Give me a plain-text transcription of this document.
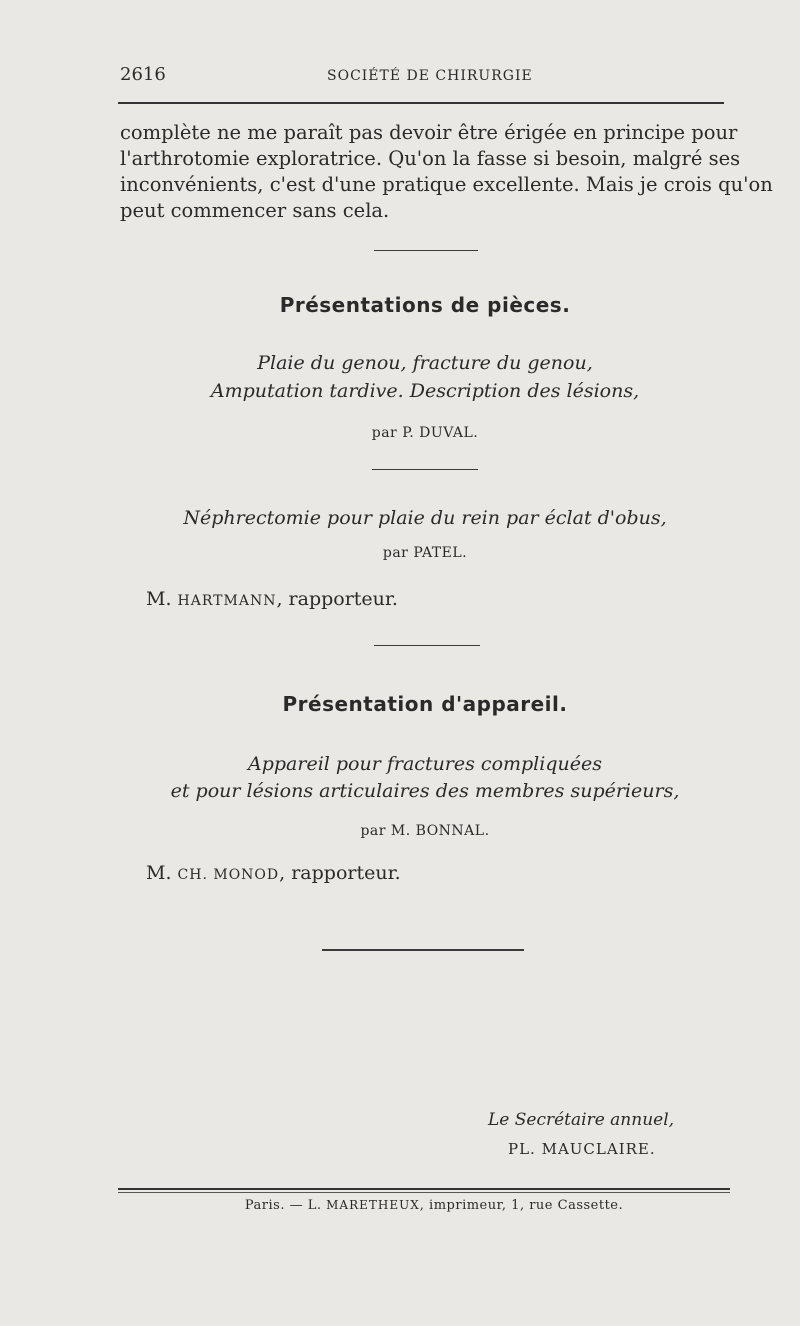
2616	SOCIÉTÉ DE CHIRURGIE
complète ne me paraît pas devoir être érigée en principe pour
l'arthrotomie exploratrice. Qu'on la fasse si besoin, malgré ses
inconvénients, c'est d'une pratique excellente. Mais je crois qu'on
peut commencer sans cela.
Présentations de pièces.
Plaie du genou, fracture du genou,
Amputation tardive. Description des lésions,
par P. DUVAL.
Néphrectomie pour plaie du rein par éclat d'obus,
par PATEL.
M. HARTMANN, rapporteur.
Présentation d'appareil.
Appareil pour fractures compliquées
et pour lésions articulaires des membres supérieurs,
par M. BONNAL.
M. CH. MONOD, rapporteur.
Le Secrétaire annuel,
PL. MAUCLAIRE.
Paris. — L. MARETHEUX, imprimeur, 1, rue Cassette.
